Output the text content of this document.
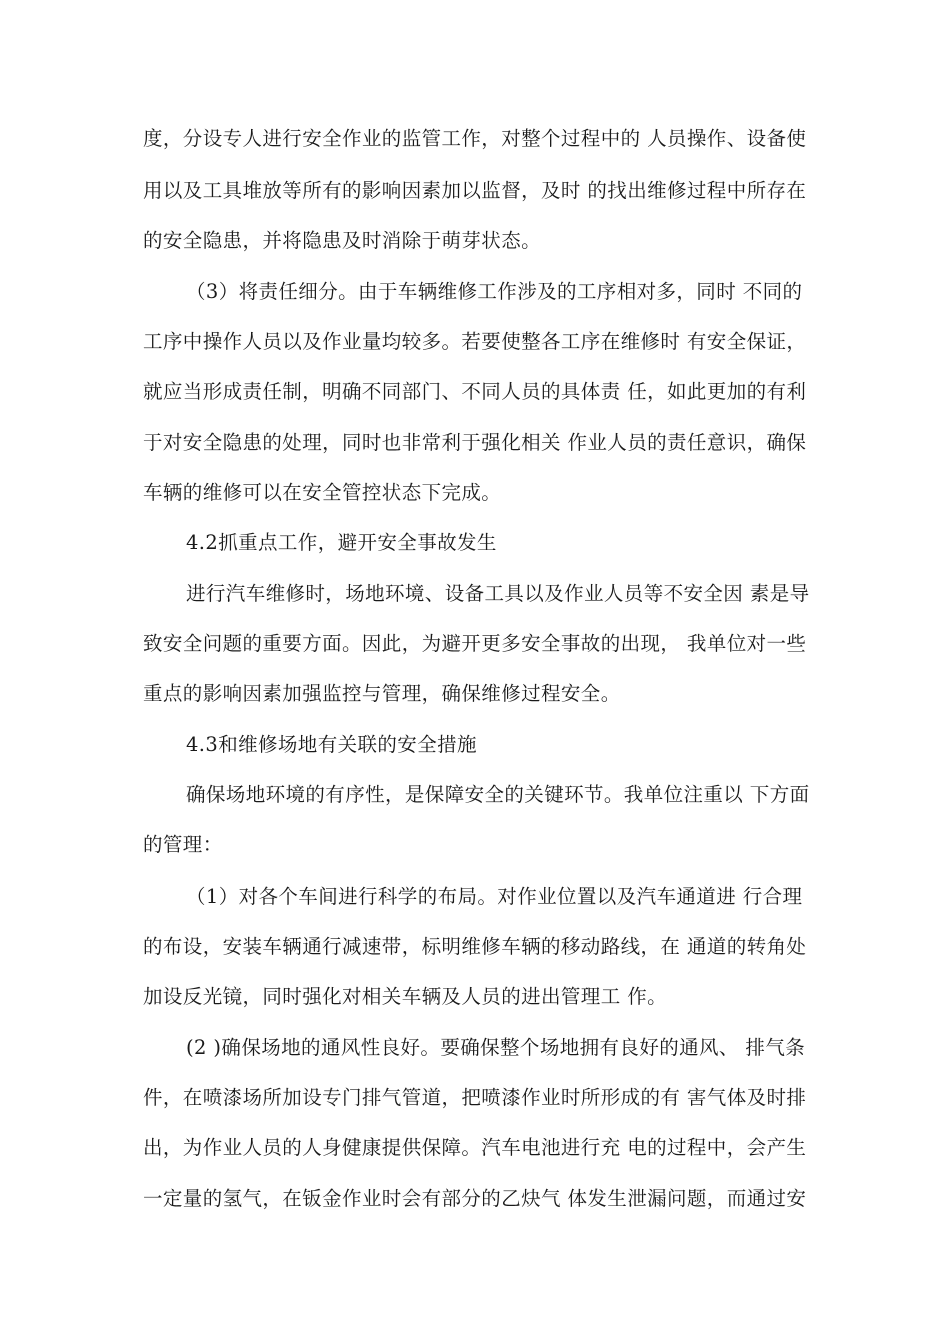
度，分设专人进行安全作业的监管工作，对整个过程中的 人员操作、设备使
用以及工具堆放等所有的影响因素加以监督，及时 的找出维修过程中所存在
的安全隐患，并将隐患及时消除于萌芽状态。
（3）将责任细分。由于车辆维修工作涉及的工序相对多，同时 不同的
工序中操作人员以及作业量均较多。若要使整各工序在维修时 有安全保证，
就应当形成责任制，明确不同部门、不同人员的具体责 任，如此更加的有利
于对安全隐患的处理，同时也非常利于强化相关 作业人员的责任意识，确保
车辆的维修可以在安全管控状态下完成。
4.2抓重点工作，避开安全事故发生
进行汽车维修时，场地环境、设备工具以及作业人员等不安全因 素是导
致安全问题的重要方面。因此，为避开更多安全事故的出现， 我单位对一些
重点的影响因素加强监控与管理，确保维修过程安全。
4.3和维修场地有关联的安全措施
确保场地环境的有序性，是保障安全的关键环节。我单位注重以 下方面
的管理：
（1）对各个车间进行科学的布局。对作业位置以及汽车通道进 行合理
的布设，安装车辆通行减速带，标明维修车辆的移动路线，在 通道的转角处
加设反光镜，同时强化对相关车辆及人员的进出管理工 作。
(2 )确保场地的通风性良好。要确保整个场地拥有良好的通风、 排气条
件，在喷漆场所加设专门排气管道，把喷漆作业时所形成的有 害气体及时排
出，为作业人员的人身健康提供保障。汽车电池进行充 电的过程中，会产生
一定量的氢气，在钣金作业时会有部分的乙炔气 体发生泄漏问题，而通过安
